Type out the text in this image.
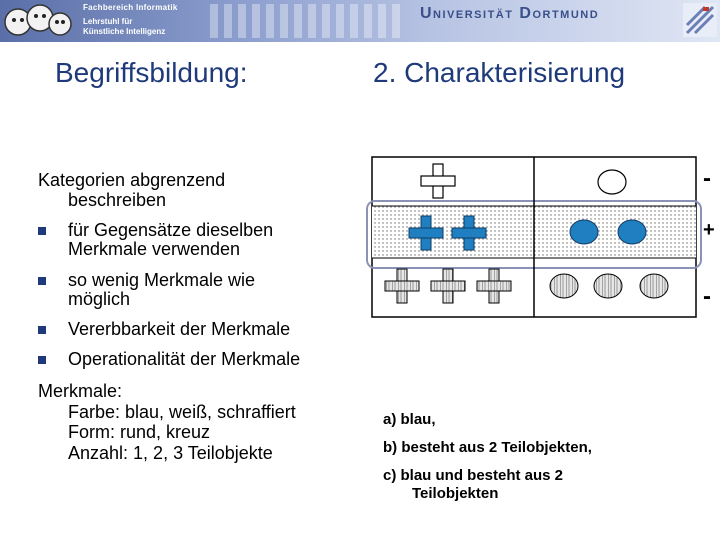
Fachbereich Informatik
Lehrstuhl für
Künstliche Intelligenz
Universität Dortmund
Begriffsbildung:	2. Charakterisierung
Kategorien abgrenzend
beschreiben
für Gegensätze dieselben
Merkmale verwenden
so wenig Merkmale wie
möglich
Vererbbarkeit der Merkmale
Operationalität der Merkmale
Merkmale:
Farbe: blau, weiß, schraffiert
Form: rund, kreuz
Anzahl: 1, 2, 3 Teilobjekte
-
+
-
a) blau,
b) besteht aus 2 Teilobjekten,
c) blau und besteht aus 2
Teilobjekten
